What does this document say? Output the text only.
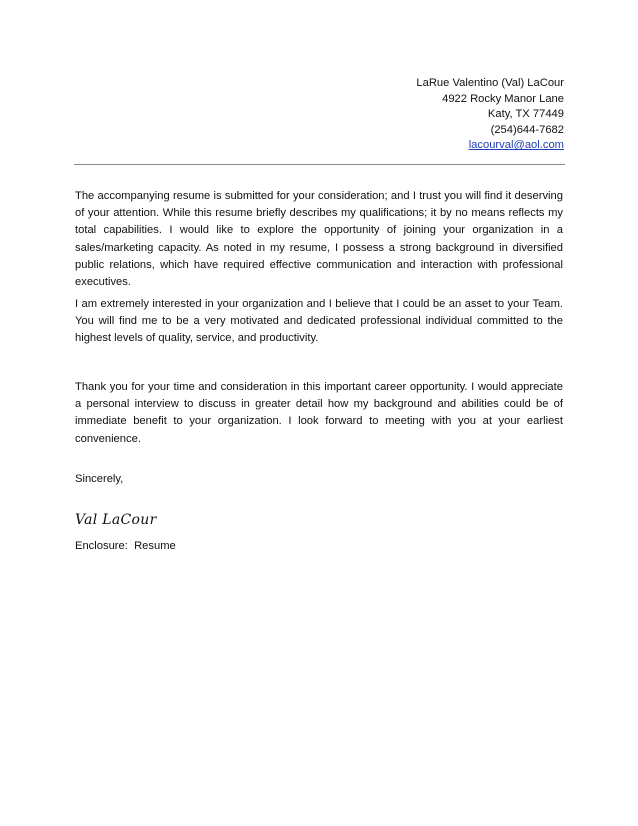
LaRue Valentino (Val) LaCour
4922 Rocky Manor Lane
Katy, TX 77449
(254)644-7682
lacourval@aol.com

The accompanying resume is submitted for your consideration; and I trust you will find it deserving of your attention. While this resume briefly describes my qualifications; it by no means reflects my total capabilities. I would like to explore the opportunity of joining your organization in a sales/marketing capacity. As noted in my resume, I possess a strong background in diversified public relations, which have required effective communication and interaction with professional executives.

I am extremely interested in your organization and I believe that I could be an asset to your Team. You will find me to be a very motivated and dedicated professional individual committed to the highest levels of quality, service, and productivity.

Thank you for your time and consideration in this important career opportunity. I would appreciate a personal interview to discuss in greater detail how my background and abilities could be of immediate benefit to your organization. I look forward to meeting with you at your earliest convenience.

Sincerely,

Val LaCour

Enclosure:  Resume
